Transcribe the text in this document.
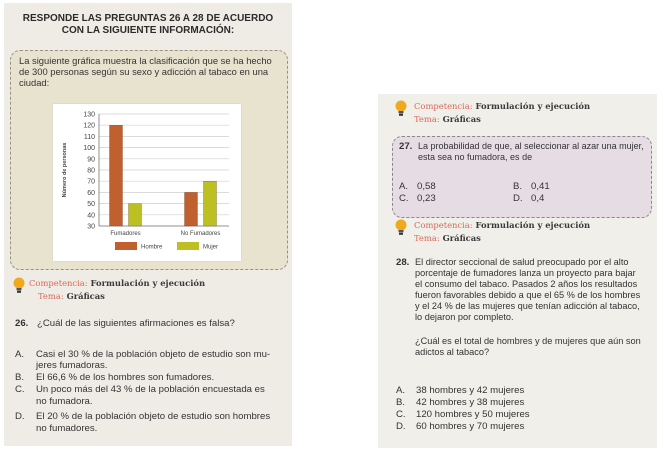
RESPONDE LAS PREGUNTAS 26 A 28 DE ACUERDO
CON LA SIGUIENTE INFORMACIÓN:
La siguiente gráfica muestra la clasificación que se ha hecho
de 300 personas según su sexo y adicción al tabaco en una
ciudad:
130
120
110
100
90
80
70
60
50
40
30
Número de personas
Fumadores	No Fumadores
Hombre	Mujer
Competencia: Formulación y ejecución
Tema: Gráficas
26. ¿Cuál de las siguientes afirmaciones es falsa?
A. Casi el 30 % de la población objeto de estudio son mu-
jeres fumadoras.
B. El 66,6 % de los hombres son fumadores.
C. Un poco más del 43 % de la población encuestada es
no fumadora.
D. El 20 % de la población objeto de estudio son hombres
no fumadores.
Competencia: Formulación y ejecución
Tema: Gráficas
27. La probabilidad de que, al seleccionar al azar una mujer,
esta sea no fumadora, es de
A. 0,58	B. 0,41
C. 0,23	D. 0,4
Competencia: Formulación y ejecución
Tema: Gráficas
28. El director seccional de salud preocupado por el alto
porcentaje de fumadores lanza un proyecto para bajar
el consumo del tabaco. Pasados 2 años los resultados
fueron favorables debido a que el 65 % de los hombres
y el 24 % de las mujeres que tenían adicción al tabaco,
lo dejaron por completo.
¿Cuál es el total de hombres y de mujeres que aún son
adictos al tabaco?
A. 38 hombres y 42 mujeres
B. 42 hombres y 38 mujeres
C. 120 hombres y 50 mujeres
D. 60 hombres y 70 mujeres
